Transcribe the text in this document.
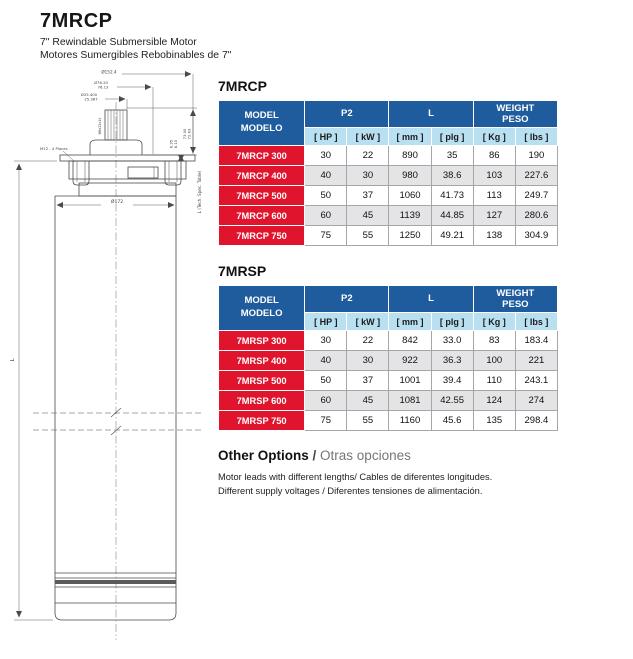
7MRCP
7" Rewindable Submersible Motor
Motores Sumergibles Rebobinables de 7"
Ø152.4
Ø76.20
76.13
Ø25.400
25.387
M12 - 4 Places
M6x22x14
Ø172
73.00 72.63
6.35 6.10
L (Tech. Spec. Table)
L
7MRCP
MODEL
MODELO	P2		L		WEIGHT
PESO	
	[ HP ]	[ kW ]	[ mm ]	[ plg ]	[ Kg ]	[ lbs ]
7MRCP 300	30	22	890	35	86	190
7MRCP 400	40	30	980	38.6	103	227.6
7MRCP 500	50	37	1060	41.73	113	249.7
7MRCP 600	60	45	1139	44.85	127	280.6
7MRCP 750	75	55	1250	49.21	138	304.9
7MRSP
MODEL
MODELO	P2		L		WEIGHT
PESO	
	[ HP ]	[ kW ]	[ mm ]	[ plg ]	[ Kg ]	[ lbs ]
7MRSP 300	30	22	842	33.0	83	183.4
7MRSP 400	40	30	922	36.3	100	221
7MRSP 500	50	37	1001	39.4	110	243.1
7MRSP 600	60	45	1081	42.55	124	274
7MRSP 750	75	55	1160	45.6	135	298.4
Other Options / Otras opciones

Motor leads with different lengths/ Cables de diferentes longitudes.

Different supply voltages / Diferentes tensiones de alimentación.
